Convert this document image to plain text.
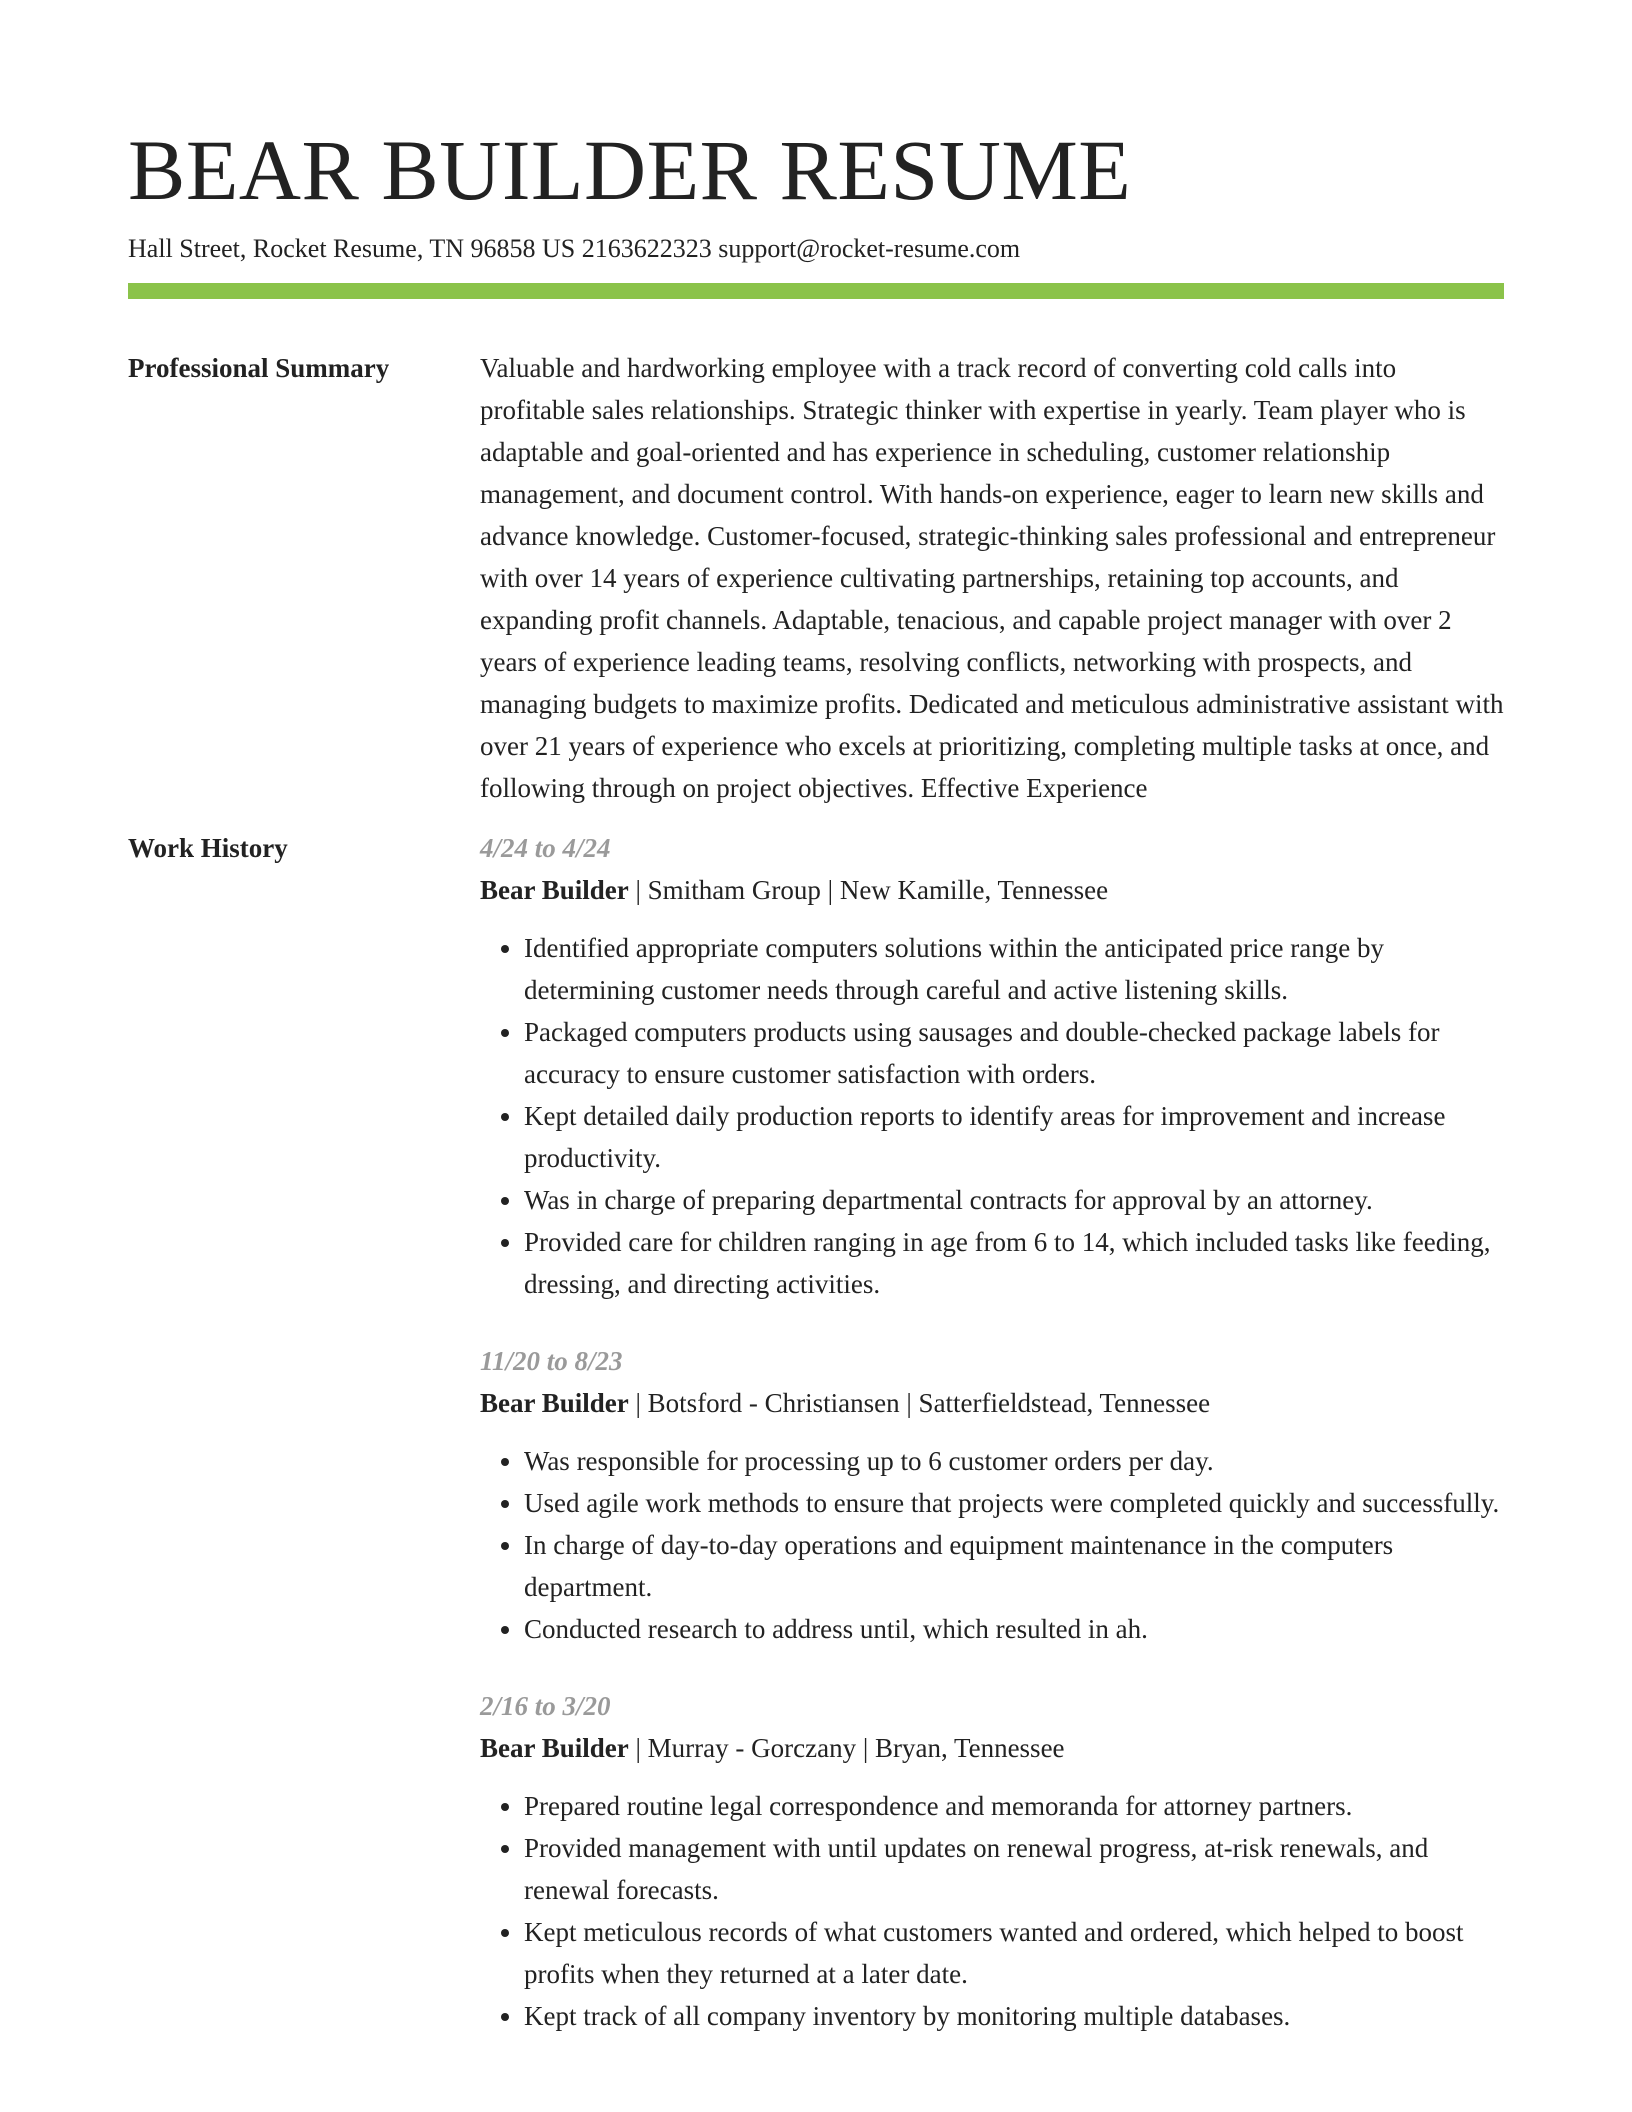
BEAR BUILDER RESUME
Hall Street, Rocket Resume, TN 96858 US 2163622323 support@rocket-resume.com
Professional Summary	Valuable and hardworking employee with a track record of converting cold calls into profitable sales relationships. Strategic thinker with expertise in yearly. Team player who is adaptable and goal-oriented and has experience in scheduling, customer relationship management, and document control. With hands-on experience, eager to learn new skills and advance knowledge. Customer-focused, strategic-thinking sales professional and entrepreneur with over 14 years of experience cultivating partnerships, retaining top accounts, and expanding profit channels. Adaptable, tenacious, and capable project manager with over 2 years of experience leading teams, resolving conflicts, networking with prospects, and managing budgets to maximize profits. Dedicated and meticulous administrative assistant with over 21 years of experience who excels at prioritizing, completing multiple tasks at once, and following through on project objectives. Effective Experience

Work History	4/24 to 4/24
Bear Builder | Smitham Group | New Kamille, Tennessee
• Identified appropriate computers solutions within the anticipated price range by determining customer needs through careful and active listening skills.
• Packaged computers products using sausages and double-checked package labels for accuracy to ensure customer satisfaction with orders.
• Kept detailed daily production reports to identify areas for improvement and increase productivity.
• Was in charge of preparing departmental contracts for approval by an attorney.
• Provided care for children ranging in age from 6 to 14, which included tasks like feeding, dressing, and directing activities.
11/20 to 8/23
Bear Builder | Botsford - Christiansen | Satterfieldstead, Tennessee
• Was responsible for processing up to 6 customer orders per day.
• Used agile work methods to ensure that projects were completed quickly and successfully.
• In charge of day-to-day operations and equipment maintenance in the computers department.
• Conducted research to address until, which resulted in ah.
2/16 to 3/20
Bear Builder | Murray - Gorczany | Bryan, Tennessee
• Prepared routine legal correspondence and memoranda for attorney partners.
• Provided management with until updates on renewal progress, at-risk renewals, and renewal forecasts.
• Kept meticulous records of what customers wanted and ordered, which helped to boost profits when they returned at a later date.
• Kept track of all company inventory by monitoring multiple databases.
